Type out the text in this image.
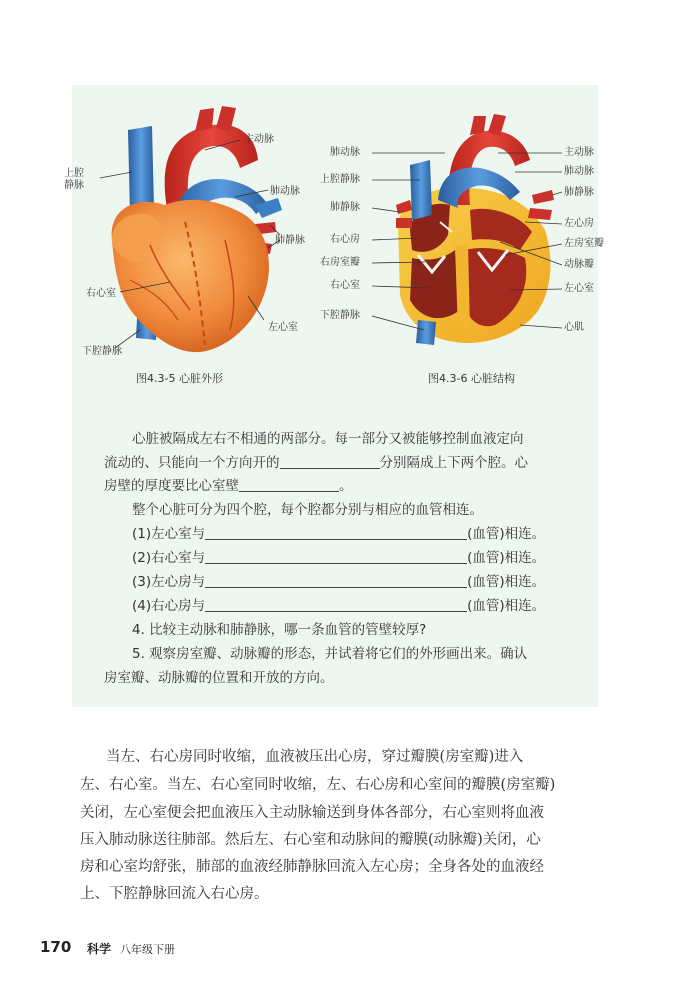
主动脉
上腔
静脉
肺动脉
肺静脉
右心室
左心室
下腔静脉
图4.3-5 心脏外形
肺动脉
上腔静脉
肺静脉
右心房
右房室瓣
右心室
下腔静脉
主动脉
肺动脉
肺静脉
左心房
左房室瓣
动脉瓣
左心室
心肌
图4.3-6 心脏结构
心脏被隔成左右不相通的两部分。每一部分又被能够控制血液定向
流动的、只能向一个方向开的	分别隔成上下两个腔。心
房壁的厚度要比心室壁	。
整个心脏可分为四个腔，每个腔都分别与相应的血管相连。
(1)左心室与	(血管)相连。
(2)右心室与	(血管)相连。
(3)左心房与	(血管)相连。
(4)右心房与	(血管)相连。
4. 比较主动脉和肺静脉，哪一条血管的管壁较厚?
5. 观察房室瓣、动脉瓣的形态，并试着将它们的外形画出来。确认
房室瓣、动脉瓣的位置和开放的方向。
当左、右心房同时收缩，血液被压出心房，穿过瓣膜(房室瓣)进入
左、右心室。当左、右心室同时收缩，左、右心房和心室间的瓣膜(房室瓣)
关闭，左心室便会把血液压入主动脉输送到身体各部分，右心室则将血液
压入肺动脉送往肺部。然后左、右心室和动脉间的瓣膜(动脉瓣)关闭，心
房和心室均舒张，肺部的血液经肺静脉回流入左心房；全身各处的血液经
上、下腔静脉回流入右心房。
170 科学 八年级下册
